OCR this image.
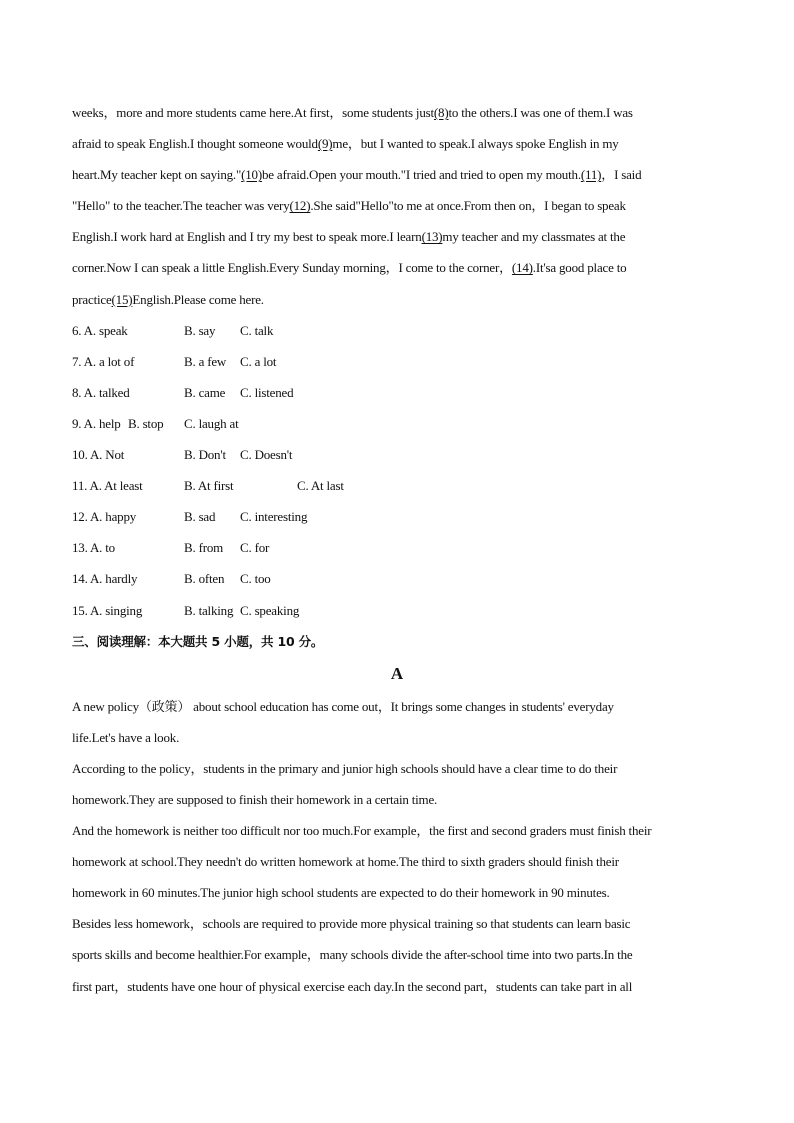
weeks，more and more students came here.At first，some students just(8)to the others.I was one of them.I was
afraid to speak English.I thought someone would(9)me，but I wanted to speak.I always spoke English in my
heart.My teacher kept on saying."(10)be afraid.Open your mouth."I tried and tried to open my mouth.(11)，I said
"Hello" to the teacher.The teacher was very(12).She said"Hello"to me at once.From then on，I began to speak
English.I work hard at English and I try my best to speak more.I learn(13)my teacher and my classmates at the
corner.Now I can speak a little English.Every Sunday morning，I come to the corner，(14).It'sa good place to
practice(15)English.Please come here.
6. A. speak	B. say C. talk
7. A. a lot of	B. a few C. a lot
8. A. talked	B. came C. listened
9. A. help B. stop C. laugh at
10. A. Not	B. Don't C. Doesn't
11. A. At least	B. At first	C. At last
12. A. happy	B. sad C. interesting
13. A. to	B. from C. for
14. A. hardly	B. often C. too
15. A. singing	B. talking C. speaking
三、阅读理解：本大题共 5 小题，共 10 分。
A
A new policy（政策） about school education has come out，It brings some changes in students' everyday
life.Let's have a look.
According to the policy，students in the primary and junior high schools should have a clear time to do their
homework.They are supposed to finish their homework in a certain time.
And the homework is neither too difficult nor too much.For example，the first and second graders must finish their
homework at school.They needn't do written homework at home.The third to sixth graders should finish their
homework in 60 minutes.The junior high school students are expected to do their homework in 90 minutes.
Besides less homework，schools are required to provide more physical training so that students can learn basic
sports skills and become healthier.For example，many schools divide the after-school time into two parts.In the
first part，students have one hour of physical exercise each day.In the second part，students can take part in all
